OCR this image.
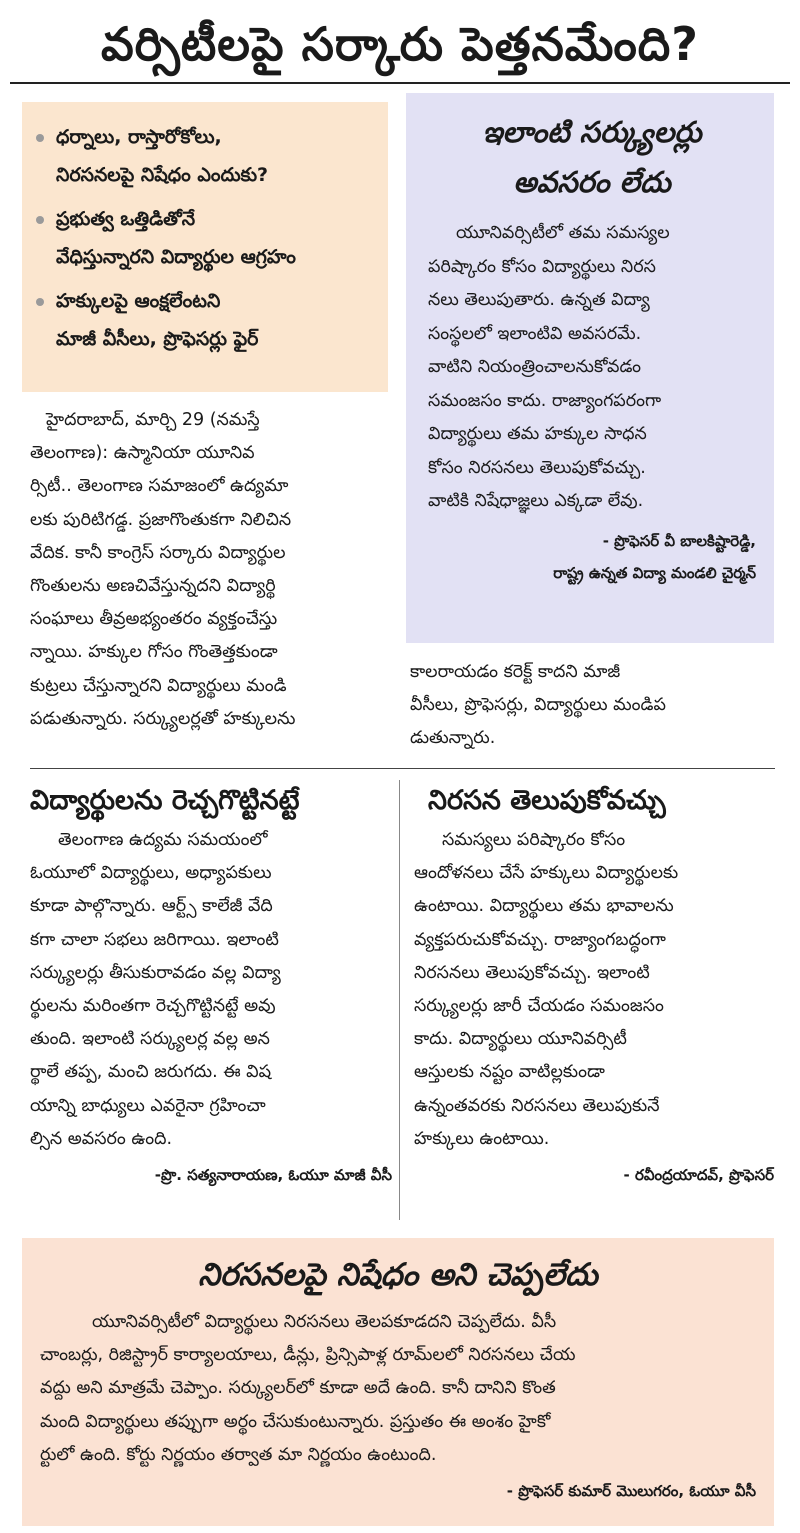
వర్సిటీలపై సర్కారు పెత్తనమేంది?
ధర్నాలు, రాస్తారోకోలు,
నిరసనలపై నిషేధం ఎందుకు?
ప్రభుత్వ ఒత్తిడితోనే
వేధిస్తున్నారని విద్యార్థుల ఆగ్రహం
హక్కులపై ఆంక్షలేంటని
మాజీ వీసీలు, ప్రొఫెసర్లు ఫైర్
ఇలాంటి సర్క్యులర్లు
అవసరం లేదు
యూనివర్సిటీలో తమ సమస్యల
పరిష్కారం కోసం విద్యార్థులు నిరస
నలు తెలుపుతారు. ఉన్నత విద్యా
సంస్థలలో ఇలాంటివి అవసరమే.
వాటిని నియంత్రించాలనుకోవడం
సమంజసం కాదు. రాజ్యాంగపరంగా
విద్యార్థులు తమ హక్కుల సాధన
కోసం నిరసనలు తెలుపుకోవచ్చు.
వాటికి నిషేధాజ్ఞలు ఎక్కడా లేవు.
- ప్రొఫెసర్ వీ బాలకిష్టారెడ్డి,
రాష్ట్ర ఉన్నత విద్యా మండలి చైర్మన్
హైదరాబాద్, మార్చి 29 (నమస్తే
తెలంగాణ): ఉస్మానియా యూనివ
ర్సిటీ.. తెలంగాణ సమాజంలో ఉద్యమా
లకు పురిటిగడ్డ. ప్రజాగొంతుకగా నిలిచిన
వేదిక. కానీ కాంగ్రెస్ సర్కారు విద్యార్థుల
గొంతులను అణచివేస్తున్నదని విద్యార్థి
సంఘాలు తీవ్రఅభ్యంతరం వ్యక్తంచేస్తు
న్నాయి. హక్కుల గోసం గొంతెత్తకుండా
కుట్రలు చేస్తున్నారని విద్యార్థులు మండి
పడుతున్నారు. సర్క్యులర్లతో హక్కులను
కాలరాయడం కరెక్ట్ కాదని మాజీ
వీసీలు, ప్రొఫెసర్లు, విద్యార్థులు మండిప
డుతున్నారు.
విద్యార్థులను రెచ్చగొట్టినట్టే
తెలంగాణ ఉద్యమ సమయంలో
ఓయూలో విద్యార్థులు, అధ్యాపకులు
కూడా పాల్గొన్నారు. ఆర్ట్స్ కాలేజీ వేది
కగా చాలా సభలు జరిగాయి. ఇలాంటి
సర్క్యులర్లు తీసుకురావడం వల్ల విద్యా
ర్థులను మరింతగా రెచ్చగొట్టినట్టే అవు
తుంది. ఇలాంటి సర్క్యులర్ల వల్ల అన
ర్థాలే తప్ప, మంచి జరుగదు. ఈ విష
యాన్ని బాధ్యులు ఎవరైనా గ్రహించా
ల్సిన అవసరం ఉంది.
-ప్రొ. సత్యనారాయణ, ఓయూ మాజీ వీసీ
నిరసన తెలుపుకోవచ్చు
సమస్యలు పరిష్కారం కోసం
ఆందోళనలు చేసే హక్కులు విద్యార్థులకు
ఉంటాయి. విద్యార్థులు తమ భావాలను
వ్యక్తపరుచుకోవచ్చు. రాజ్యాంగబద్ధంగా
నిరసనలు తెలుపుకోవచ్చు. ఇలాంటి
సర్క్యులర్లు జారీ చేయడం సమంజసం
కాదు. విద్యార్థులు యూనివర్సిటీ
ఆస్తులకు నష్టం వాటిల్లకుండా
ఉన్నంతవరకు నిరసనలు తెలుపుకునే
హక్కులు ఉంటాయి.
- రవీంద్రయాదవ్, ప్రొఫెసర్
నిరసనలపై నిషేధం అని చెప్పలేదు
యూనివర్సిటీలో విద్యార్థులు నిరసనలు తెలపకూడదని చెప్పలేదు. వీసీ
చాంబర్లు, రిజిస్ట్రార్ కార్యాలయాలు, డీన్లు, ప్రిన్సిపాళ్ల రూమ్‌లలో నిరసనలు చేయ
వద్దు అని మాత్రమే చెప్పాం. సర్క్యులర్‌లో కూడా అదే ఉంది. కానీ దానిని కొంత
మంది విద్యార్థులు తప్పుగా అర్థం చేసుకుంటున్నారు. ప్రస్తుతం ఈ అంశం హైకో
ర్టులో ఉంది. కోర్టు నిర్ణయం తర్వాత మా నిర్ణయం ఉంటుంది.
- ప్రొఫెసర్ కుమార్ మొలుగరం, ఓయూ వీసీ
